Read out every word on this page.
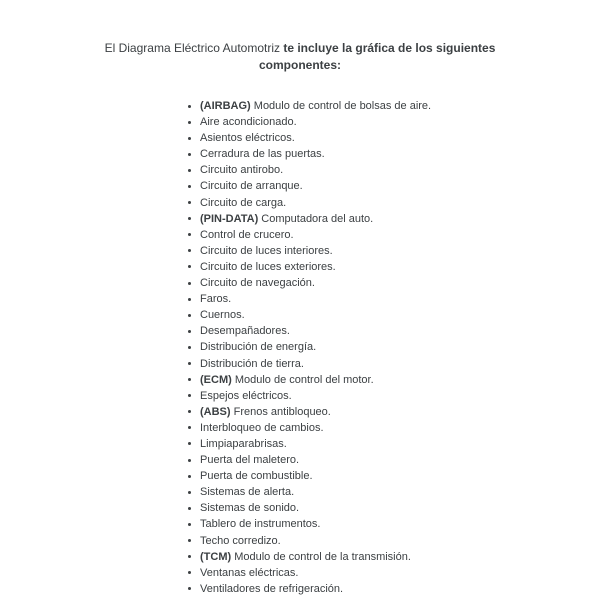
El Diagrama Eléctrico Automotriz te incluye la gráfica de los siguientes
componentes:
(AIRBAG) Modulo de control de bolsas de aire.
Aire acondicionado.
Asientos eléctricos.
Cerradura de las puertas.
Circuito antirobo.
Circuito de arranque.
Circuito de carga.
(PIN-DATA) Computadora del auto.
Control de crucero.
Circuito de luces interiores.
Circuito de luces exteriores.
Circuito de navegación.
Faros.
Cuernos.
Desempañadores.
Distribución de energía.
Distribución de tierra.
(ECM) Modulo de control del motor.
Espejos eléctricos.
(ABS) Frenos antibloqueo.
Interbloqueo de cambios.
Limpiaparabrisas.
Puerta del maletero.
Puerta de combustible.
Sistemas de alerta.
Sistemas de sonido.
Tablero de instrumentos.
Techo corredizo.
(TCM) Modulo de control de la transmisión.
Ventanas eléctricas.
Ventiladores de refrigeración.
